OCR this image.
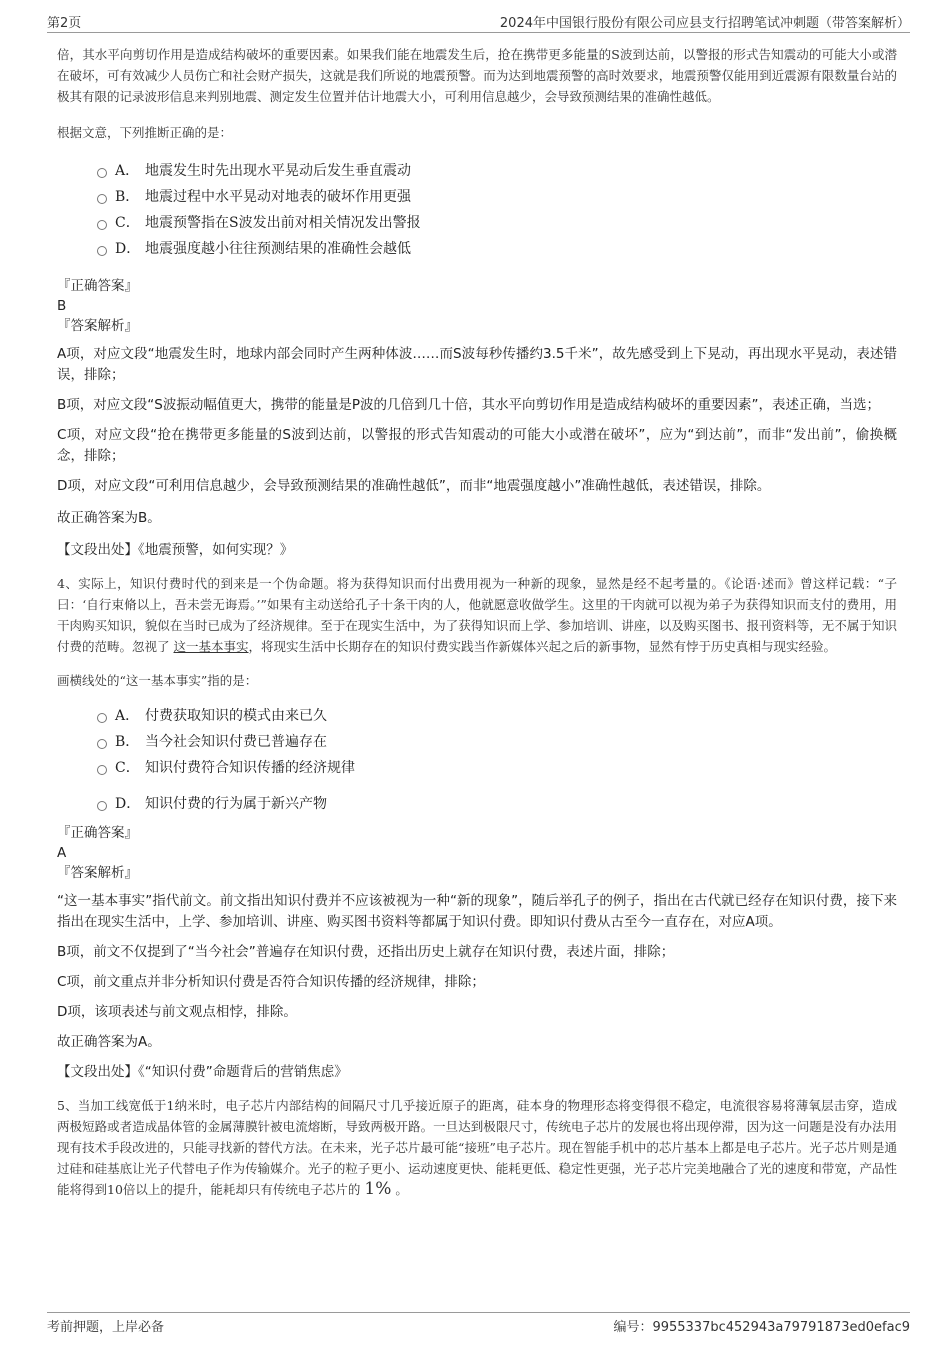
第2页	2024年中国银行股份有限公司应县支行招聘笔试冲刺题（带答案解析）

倍，其水平向剪切作用是造成结构破坏的重要因素。如果我们能在地震发生后，抢在携带更多能量的S波到达前，以警报的形式告知震动的可能大小或潜在破坏，可有效减少人员伤亡和社会财产损失，这就是我们所说的地震预警。而为达到地震预警的高时效要求，地震预警仅能用到近震源有限数量台站的极其有限的记录波形信息来判别地震、测定发生位置并估计地震大小，可利用信息越少，会导致预测结果的准确性越低。

根据文意，下列推断正确的是：

A． 地震发生时先出现水平晃动后发生垂直震动
B． 地震过程中水平晃动对地表的破坏作用更强
C． 地震预警指在S波发出前对相关情况发出警报
D． 地震强度越小往往预测结果的准确性会越低

『正确答案』

B

『答案解析』

A项，对应文段“地震发生时，地球内部会同时产生两种体波……而S波每秒传播约3.5千米”，故先感受到上下晃动，再出现水平晃动，表述错误，排除；

B项，对应文段“S波振动幅值更大，携带的能量是P波的几倍到几十倍，其水平向剪切作用是造成结构破坏的重要因素”，表述正确，当选；

C项，对应文段“抢在携带更多能量的S波到达前，以警报的形式告知震动的可能大小或潜在破坏”，应为“到达前”，而非“发出前”，偷换概念，排除；

D项，对应文段“可利用信息越少，会导致预测结果的准确性越低”，而非“地震强度越小”准确性越低，表述错误，排除。

故正确答案为B。

【文段出处】《地震预警，如何实现？》

4、实际上，知识付费时代的到来是一个伪命题。将为获得知识而付出费用视为一种新的现象，显然是经不起考量的。《论语·述而》曾这样记载：“子曰：‘自行束脩以上，吾未尝无诲焉。’”如果有主动送给孔子十条干肉的人，他就愿意收做学生。这里的干肉就可以视为弟子为获得知识而支付的费用，用干肉购买知识，貌似在当时已成为了经济规律。至于在现实生活中，为了获得知识而上学、参加培训、讲座，以及购买图书、报刊资料等，无不属于知识付费的范畴。忽视了 这一基本事实，将现实生活中长期存在的知识付费实践当作新媒体兴起之后的新事物，显然有悖于历史真相与现实经验。

画横线处的“这一基本事实”指的是：

A． 付费获取知识的模式由来已久
B． 当今社会知识付费已普遍存在
C． 知识付费符合知识传播的经济规律
D． 知识付费的行为属于新兴产物

『正确答案』

A

『答案解析』

“这一基本事实”指代前文。前文指出知识付费并不应该被视为一种“新的现象”，随后举孔子的例子，指出在古代就已经存在知识付费，接下来指出在现实生活中，上学、参加培训、讲座、购买图书资料等都属于知识付费。即知识付费从古至今一直存在，对应A项。

B项，前文不仅提到了“当今社会”普遍存在知识付费，还指出历史上就存在知识付费，表述片面，排除；

C项，前文重点并非分析知识付费是否符合知识传播的经济规律，排除；

D项，该项表述与前文观点相悖，排除。

故正确答案为A。

【文段出处】《“知识付费”命题背后的营销焦虑》

5、当加工线宽低于1纳米时，电子芯片内部结构的间隔尺寸几乎接近原子的距离，硅本身的物理形态将变得很不稳定，电流很容易将薄氧层击穿，造成两极短路或者造成晶体管的金属薄膜针被电流熔断，导致两极开路。一旦达到极限尺寸，传统电子芯片的发展也将出现停滞，因为这一问题是没有办法用现有技术手段改进的，只能寻找新的替代方法。在未来，光子芯片最可能“接班”电子芯片。现在智能手机中的芯片基本上都是电子芯片。光子芯片则是通过硅和硅基底让光子代替电子作为传输媒介。光子的粒子更小、运动速度更快、能耗更低、稳定性更强，光子芯片完美地融合了光的速度和带宽，产品性能将得到10倍以上的提升，能耗却只有传统电子芯片的 1% 。

考前押题，上岸必备	编号：9955337bc452943a79791873ed0efac9
